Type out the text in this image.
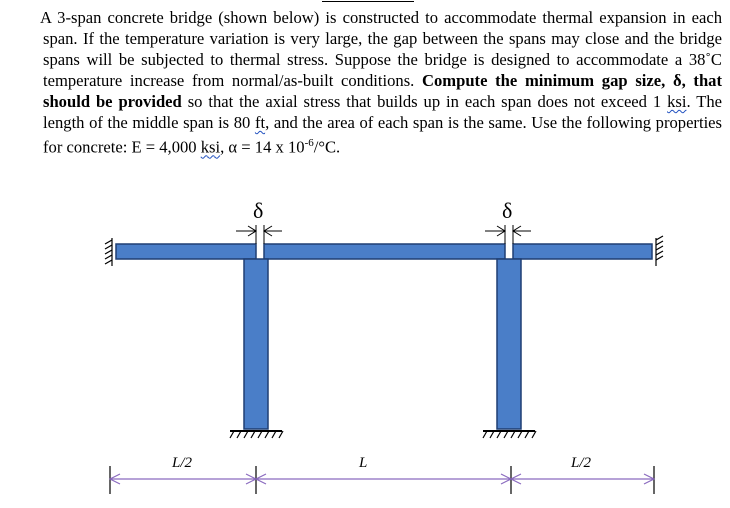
A 3-span concrete bridge (shown below) is constructed to accommodate thermal expansion in each span. If the temperature variation is very large, the gap between the spans may close and the bridge spans will be subjected to thermal stress. Suppose the bridge is designed to accommodate a 38˚C temperature increase from normal/as-built conditions. Compute the minimum gap size, δ, that should be provided so that the axial stress that builds up in each span does not exceed 1 ksi. The length of the middle span is 80 ft, and the area of each span is the same. Use the following properties for concrete: E = 4,000 ksi, α = 14 x $10^{-6}/^\circ C$.

δ	δ
L/2	L	L/2
